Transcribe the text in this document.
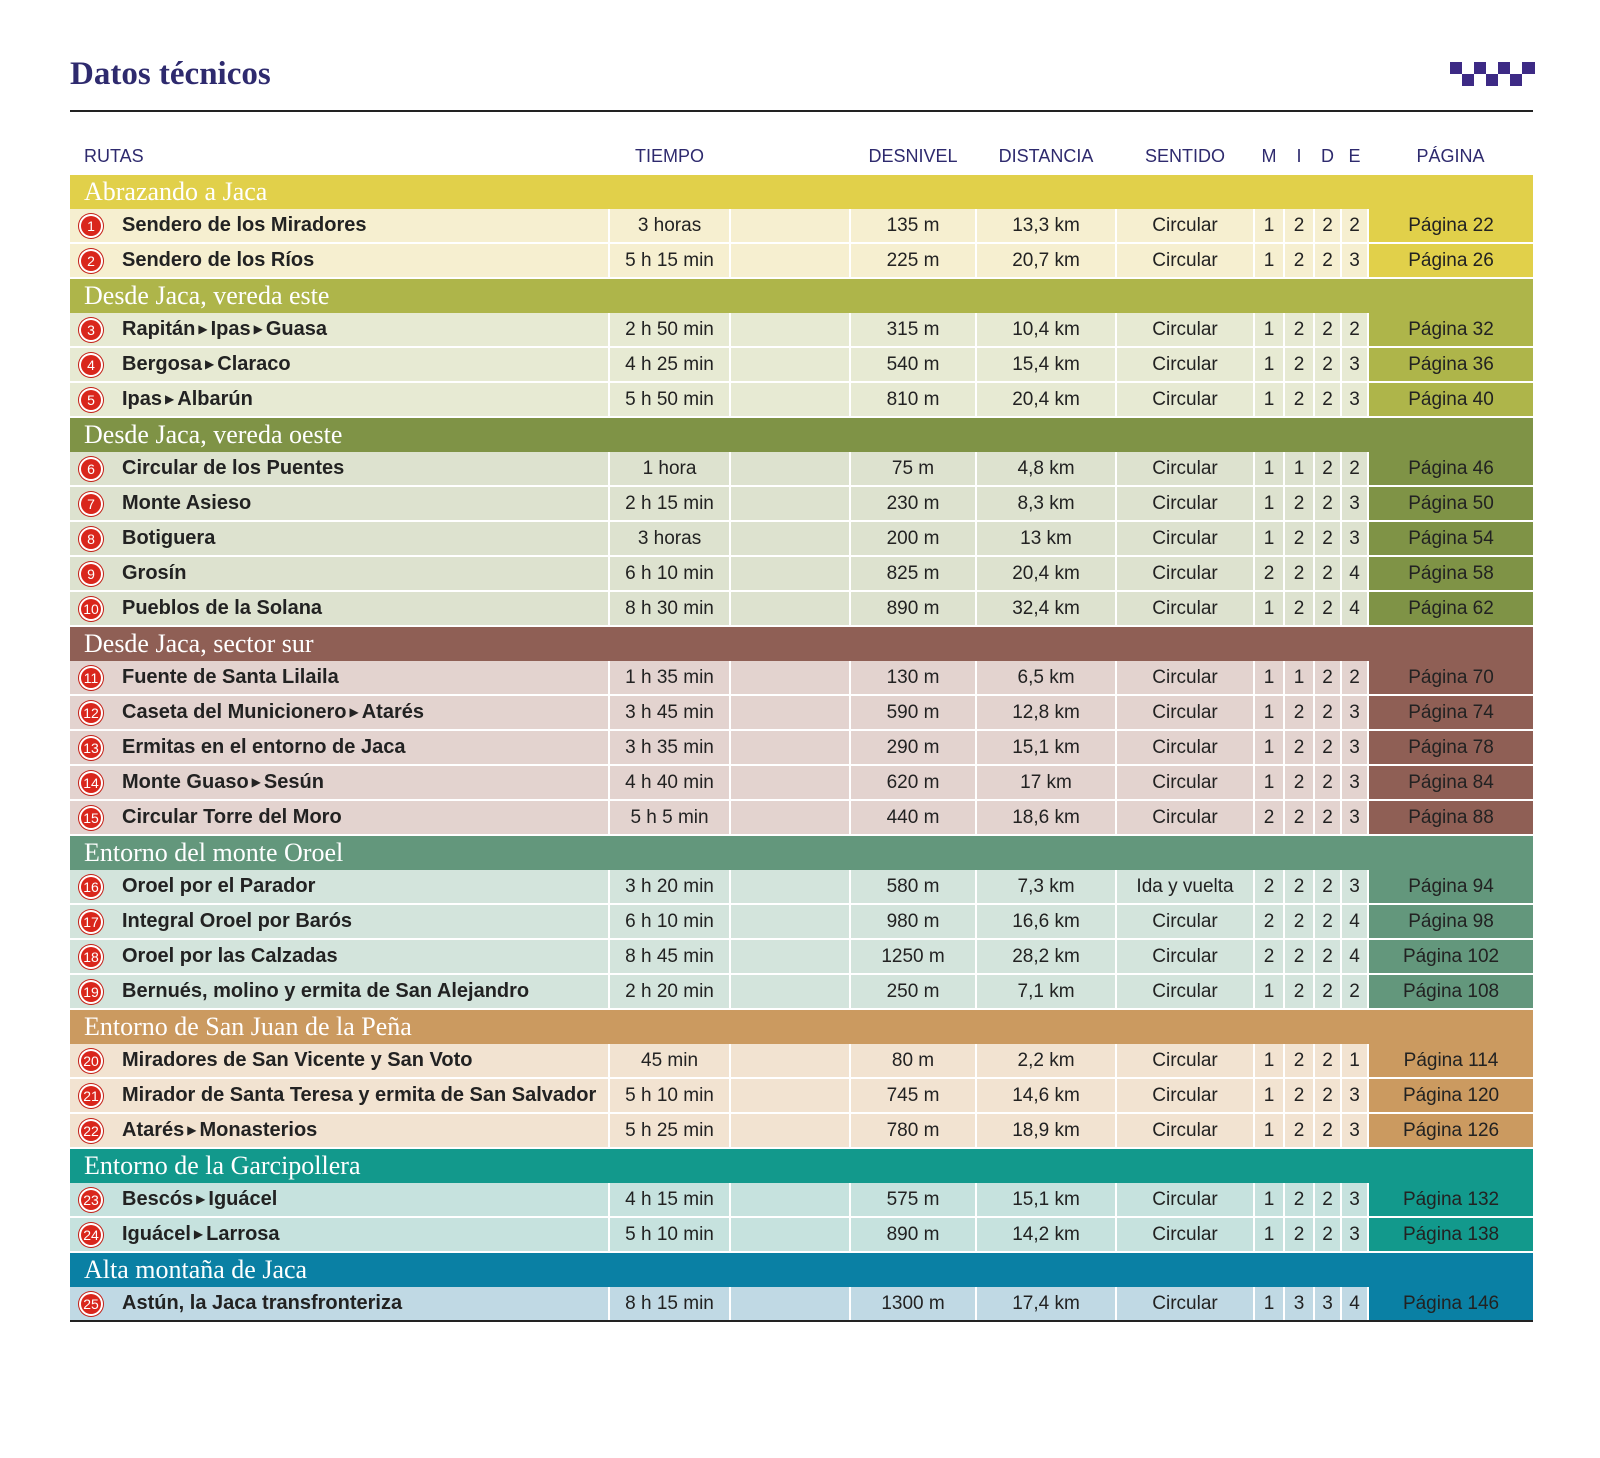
Datos técnicos
RUTAS		TIEMPO		DESNIVEL	DISTANCIA	SENTIDO	M	I	D	E	PÁGINA
Abrazando a Jaca											
1	Sendero de los Miradores	3 horas		135 m	13,3 km	Circular	1	2	2	2	Página 22
2	Sendero de los Ríos	5 h 15 min		225 m	20,7 km	Circular	1	2	2	3	Página 26
Desde Jaca, vereda este											
3	Rapitán ▶ Ipas ▶ Guasa	2 h 50 min		315 m	10,4 km	Circular	1	2	2	2	Página 32
4	Bergosa ▶ Claraco	4 h 25 min		540 m	15,4 km	Circular	1	2	2	3	Página 36
5	Ipas ▶ Albarún	5 h 50 min		810 m	20,4 km	Circular	1	2	2	3	Página 40
Desde Jaca, vereda oeste											
6	Circular de los Puentes	1 hora		75 m	4,8 km	Circular	1	1	2	2	Página 46
7	Monte Asieso	2 h 15 min		230 m	8,3 km	Circular	1	2	2	3	Página 50
8	Botiguera	3 horas		200 m	13 km	Circular	1	2	2	3	Página 54
9	Grosín	6 h 10 min		825 m	20,4 km	Circular	2	2	2	4	Página 58
10	Pueblos de la Solana	8 h 30 min		890 m	32,4 km	Circular	1	2	2	4	Página 62
Desde Jaca, sector sur											
11	Fuente de Santa Lilaila	1 h 35 min		130 m	6,5 km	Circular	1	1	2	2	Página 70
12	Caseta del Municionero ▶ Atarés	3 h 45 min		590 m	12,8 km	Circular	1	2	2	3	Página 74
13	Ermitas en el entorno de Jaca	3 h 35 min		290 m	15,1 km	Circular	1	2	2	3	Página 78
14	Monte Guaso ▶ Sesún	4 h 40 min		620 m	17 km	Circular	1	2	2	3	Página 84
15	Circular Torre del Moro	5 h 5 min		440 m	18,6 km	Circular	2	2	2	3	Página 88
Entorno del monte Oroel											
16	Oroel por el Parador	3 h 20 min		580 m	7,3 km	Ida y vuelta	2	2	2	3	Página 94
17	Integral Oroel por Barós	6 h 10 min		980 m	16,6 km	Circular	2	2	2	4	Página 98
18	Oroel por las Calzadas	8 h 45 min		1250 m	28,2 km	Circular	2	2	2	4	Página 102
19	Bernués, molino y ermita de San Alejandro	2 h 20 min		250 m	7,1 km	Circular	1	2	2	2	Página 108
Entorno de San Juan de la Peña											
20	Miradores de San Vicente y San Voto	45 min		80 m	2,2 km	Circular	1	2	2	1	Página 114
21	Mirador de Santa Teresa y ermita de San Salvador	5 h 10 min		745 m	14,6 km	Circular	1	2	2	3	Página 120
22	Atarés ▶ Monasterios	5 h 25 min		780 m	18,9 km	Circular	1	2	2	3	Página 126
Entorno de la Garcipollera											
23	Bescós ▶ Iguácel	4 h 15 min		575 m	15,1 km	Circular	1	2	2	3	Página 132
24	Iguácel ▶ Larrosa	5 h 10 min		890 m	14,2 km	Circular	1	2	2	3	Página 138
Alta montaña de Jaca											
25	Astún, la Jaca transfronteriza	8 h 15 min		1300 m	17,4 km	Circular	1	3	3	4	Página 146
